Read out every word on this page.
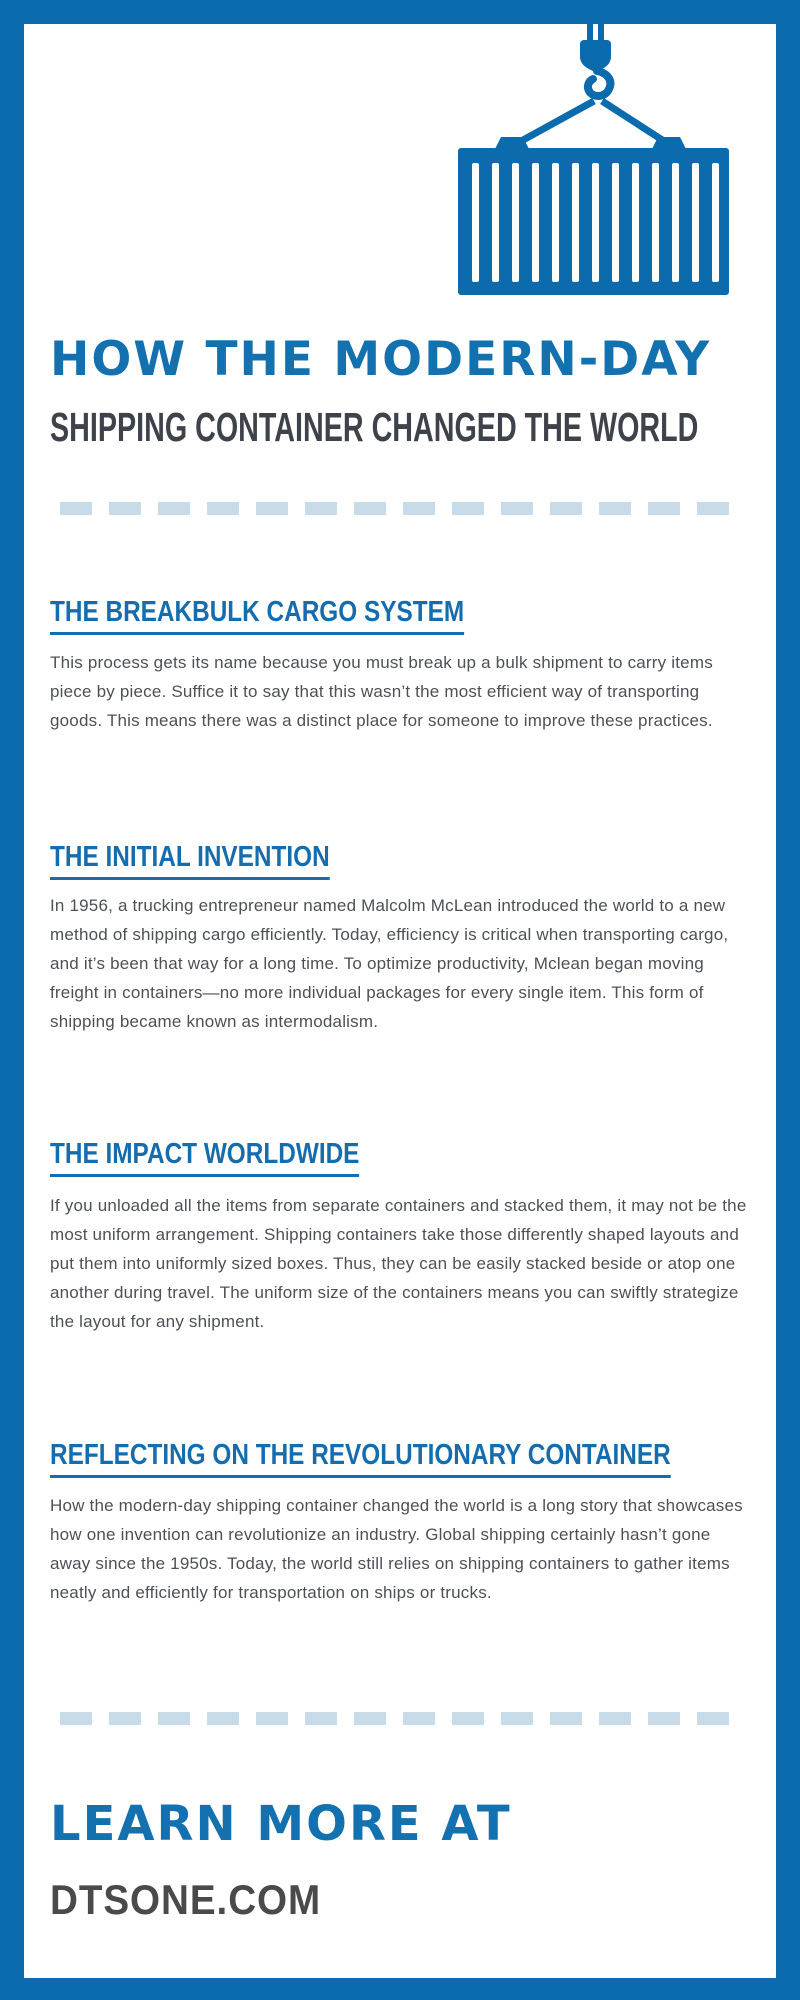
HOW THE MODERN-DAY
SHIPPING CONTAINER CHANGED THE WORLD
THE BREAKBULK CARGO SYSTEM

This process gets its name because you must break up a bulk shipment to carry items piece by piece. Suffice it to say that this wasn’t the most efficient way of transporting goods. This means there was a distinct place for someone to improve these practices.

THE INITIAL INVENTION

In 1956, a trucking entrepreneur named Malcolm McLean introduced the world to a new method of shipping cargo efficiently. Today, efficiency is critical when transporting cargo, and it’s been that way for a long time. To optimize productivity, Mclean began moving freight in containers—no more individual packages for every single item. This form of shipping became known as intermodalism.

THE IMPACT WORLDWIDE

If you unloaded all the items from separate containers and stacked them, it may not be the most uniform arrangement. Shipping containers take those differently shaped layouts and put them into uniformly sized boxes. Thus, they can be easily stacked beside or atop one another during travel. The uniform size of the containers means you can swiftly strategize the layout for any shipment.

REFLECTING ON THE REVOLUTIONARY CONTAINER

How the modern-day shipping container changed the world is a long story that showcases how one invention can revolutionize an industry. Global shipping certainly hasn’t gone away since the 1950s. Today, the world still relies on shipping containers to gather items neatly and efficiently for transportation on ships or trucks.

LEARN MORE AT
DTSONE.COM
